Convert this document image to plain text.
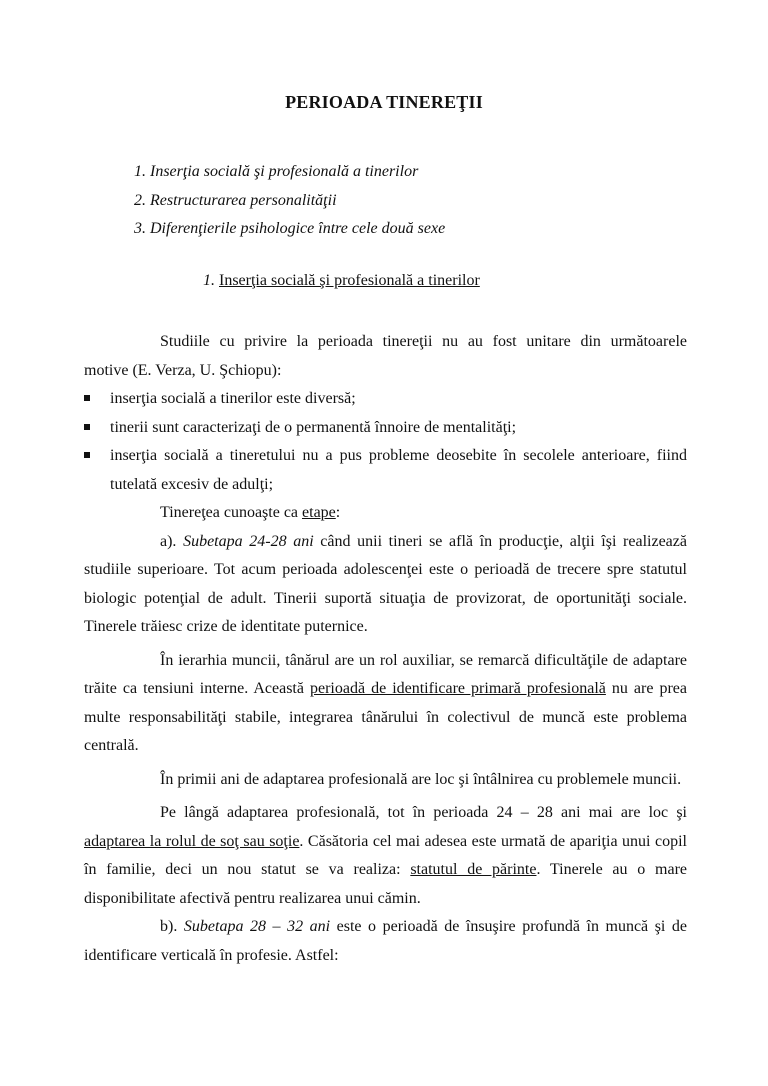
PERIOADA TINEREŢII
1. Inserţia socială şi profesională a tinerilor
2. Restructurarea personalităţii
3. Diferenţierile psihologice între cele două sexe
1. Inserţia socială şi profesională a tinerilor
Studiile cu privire la perioada tinereţii nu au fost unitare din următoarele
motive (E. Verza, U. Şchiopu):
inserţia socială a tinerilor este diversă;
tinerii sunt caracterizaţi de o permanentă înnoire de mentalităţi;
inserţia socială a tineretului nu a pus probleme deosebite în secolele anterioare, fiind tutelată excesiv de adulţi;
Tinereţea cunoaşte ca etape:
a). Subetapa 24-28 ani când unii tineri se află în producţie, alţii îşi realizează studiile superioare. Tot acum perioada adolescenţei este o perioadă de trecere spre statutul biologic potenţial de adult. Tinerii suportă situaţia de provizorat, de oportunităţi sociale. Tinerele trăiesc crize de identitate puternice.
În ierarhia muncii, tânărul are un rol auxiliar, se remarcă dificultăţile de adaptare trăite ca tensiuni interne. Această perioadă de identificare primară profesională nu are prea multe responsabilităţi stabile, integrarea tânărului în colectivul de muncă este problema centrală.
În primii ani de adaptarea profesională are loc şi întâlnirea cu problemele muncii.
Pe lângă adaptarea profesională, tot în perioada 24 – 28 ani mai are loc şi adaptarea la rolul de soţ sau soţie. Căsătoria cel mai adesea este urmată de apariţia unui copil în familie, deci un nou statut se va realiza: statutul de părinte. Tinerele au o mare disponibilitate afectivă pentru realizarea unui cămin.
b). Subetapa 28 – 32 ani este o perioadă de însuşire profundă în muncă şi de identificare verticală în profesie. Astfel:
